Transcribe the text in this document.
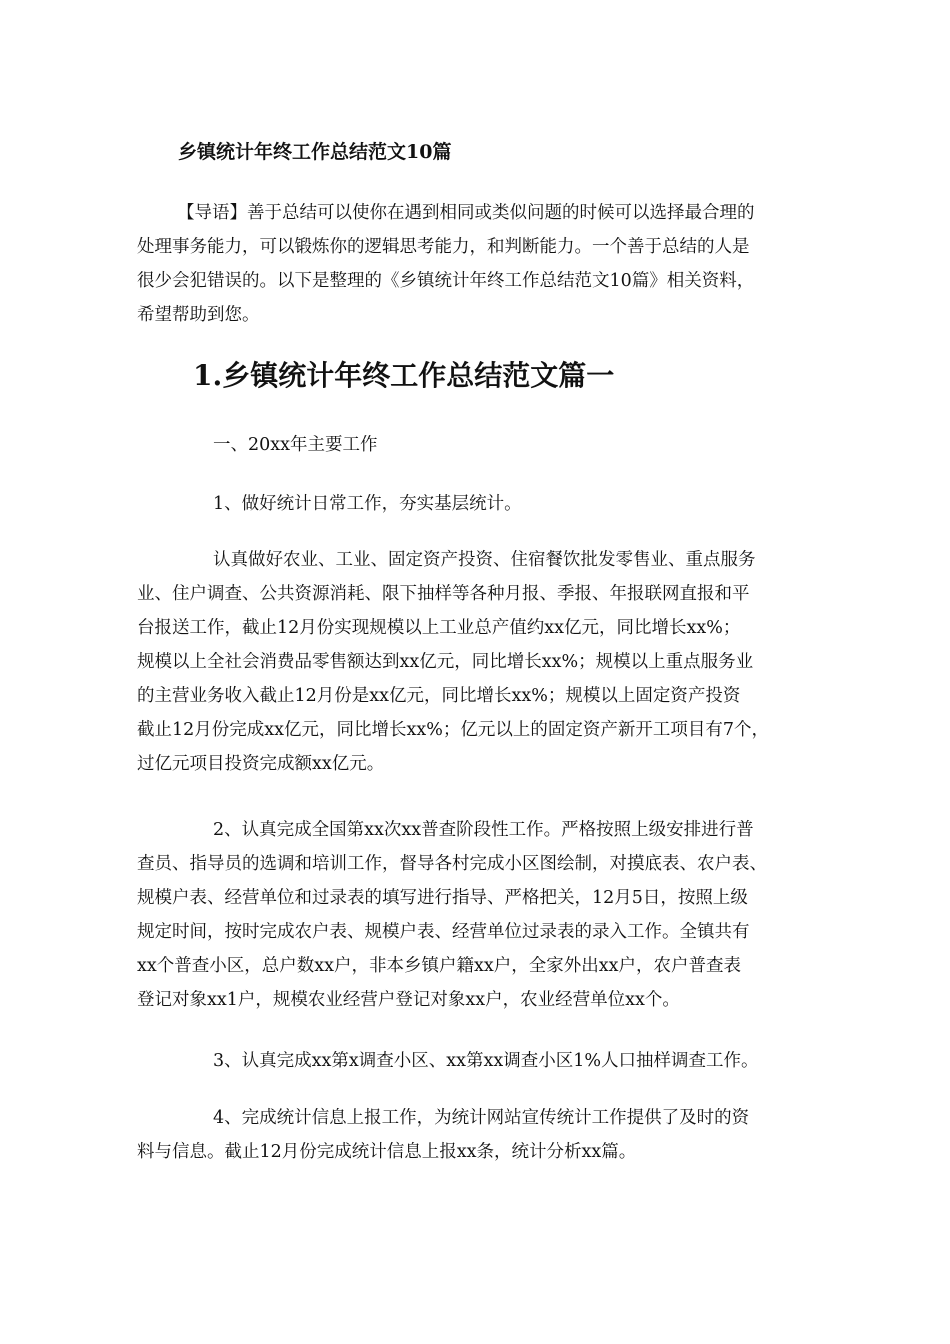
乡镇统计年终工作总结范文10篇

【导语】善于总结可以使你在遇到相同或类似问题的时候可以选择最合理的
处理事务能力，可以锻炼你的逻辑思考能力，和判断能力。一个善于总结的人是
很少会犯错误的。以下是整理的《乡镇统计年终工作总结范文10篇》相关资料，
希望帮助到您。

1.乡镇统计年终工作总结范文篇一

一、20xx年主要工作

1、做好统计日常工作，夯实基层统计。

认真做好农业、工业、固定资产投资、住宿餐饮批发零售业、重点服务
业、住户调查、公共资源消耗、限下抽样等各种月报、季报、年报联网直报和平
台报送工作，截止12月份实现规模以上工业总产值约xx亿元，同比增长xx%；
规模以上全社会消费品零售额达到xx亿元，同比增长xx%；规模以上重点服务业
的主营业务收入截止12月份是xx亿元，同比增长xx%；规模以上固定资产投资
截止12月份完成xx亿元，同比增长xx%；亿元以上的固定资产新开工项目有7个，
过亿元项目投资完成额xx亿元。

2、认真完成全国第xx次xx普查阶段性工作。严格按照上级安排进行普
查员、指导员的选调和培训工作，督导各村完成小区图绘制，对摸底表、农户表、
规模户表、经营单位和过录表的填写进行指导、严格把关，12月5日，按照上级
规定时间，按时完成农户表、规模户表、经营单位过录表的录入工作。全镇共有
xx个普查小区，总户数xx户，非本乡镇户籍xx户，全家外出xx户，农户普查表
登记对象xx1户，规模农业经营户登记对象xx户，农业经营单位xx个。

3、认真完成xx第x调查小区、xx第xx调查小区1%人口抽样调查工作。

4、完成统计信息上报工作，为统计网站宣传统计工作提供了及时的资
料与信息。截止12月份完成统计信息上报xx条，统计分析xx篇。
